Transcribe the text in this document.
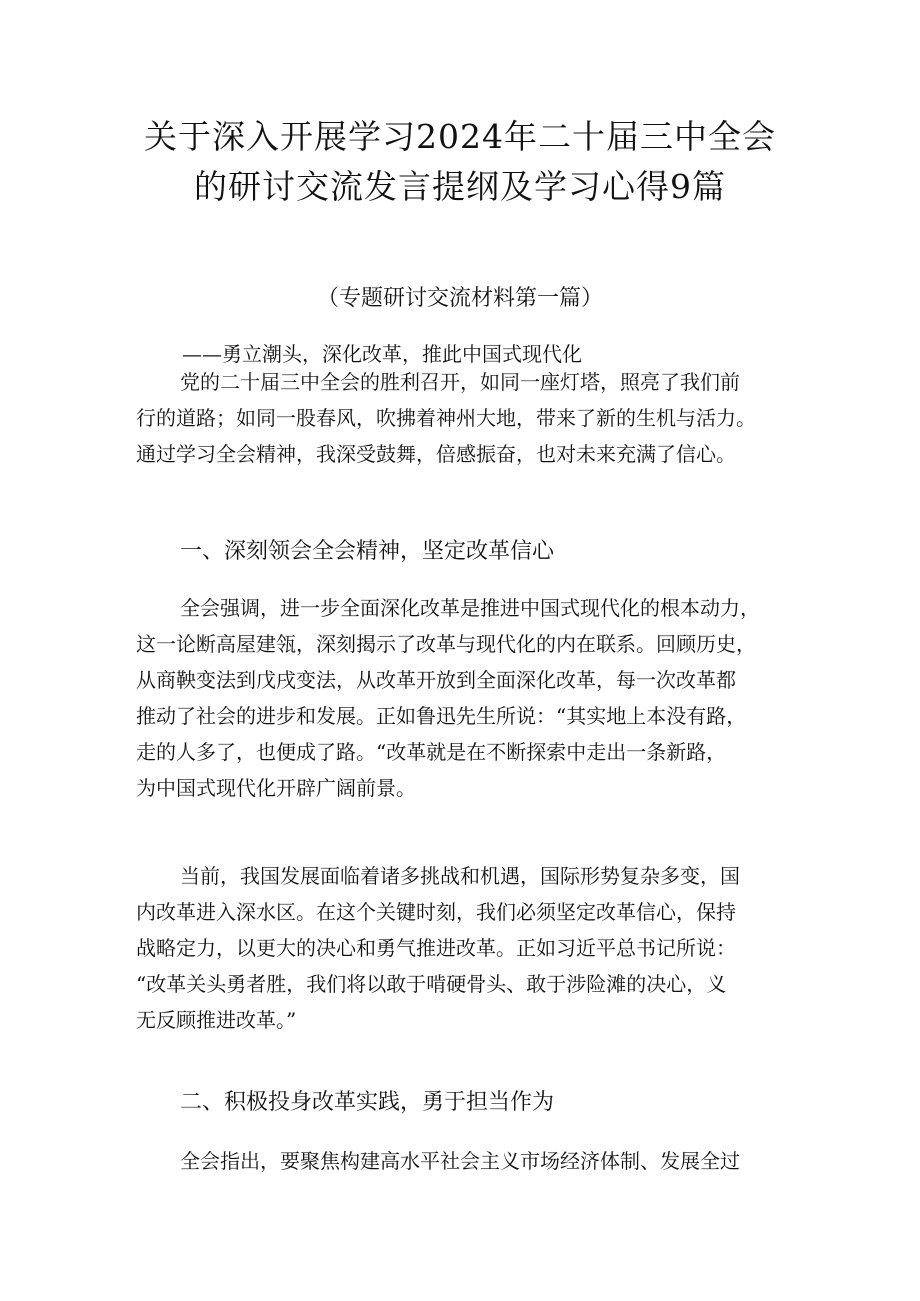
关于深入开展学习2024年二十届三中全会
的研讨交流发言提纲及学习心得9篇
（专题研讨交流材料第一篇）
——勇立潮头，深化改革，推此中国式现代化
党的二十届三中全会的胜利召开，如同一座灯塔，照亮了我们前
行的道路；如同一股春风，吹拂着神州大地，带来了新的生机与活力。
通过学习全会精神，我深受鼓舞，倍感振奋，也对未来充满了信心。
一、深刻领会全会精神，坚定改革信心
全会强调，进一步全面深化改革是推进中国式现代化的根本动力，
这一论断高屋建瓴，深刻揭示了改革与现代化的内在联系。回顾历史，
从商鞅变法到戊戌变法，从改革开放到全面深化改革，每一次改革都
推动了社会的进步和发展。正如鲁迅先生所说：“其实地上本没有路，
走的人多了，也便成了路。“改革就是在不断探索中走出一条新路，
为中国式现代化开辟广阔前景。
当前，我国发展面临着诸多挑战和机遇，国际形势复杂多变，国
内改革进入深水区。在这个关键时刻，我们必须坚定改革信心，保持
战略定力，以更大的决心和勇气推进改革。正如习近平总书记所说：
“改革关头勇者胜，我们将以敢于啃硬骨头、敢于涉险滩的决心，义
无反顾推进改革。”
二、积极投身改革实践，勇于担当作为
全会指出，要聚焦构建高水平社会主义市场经济体制、发展全过
